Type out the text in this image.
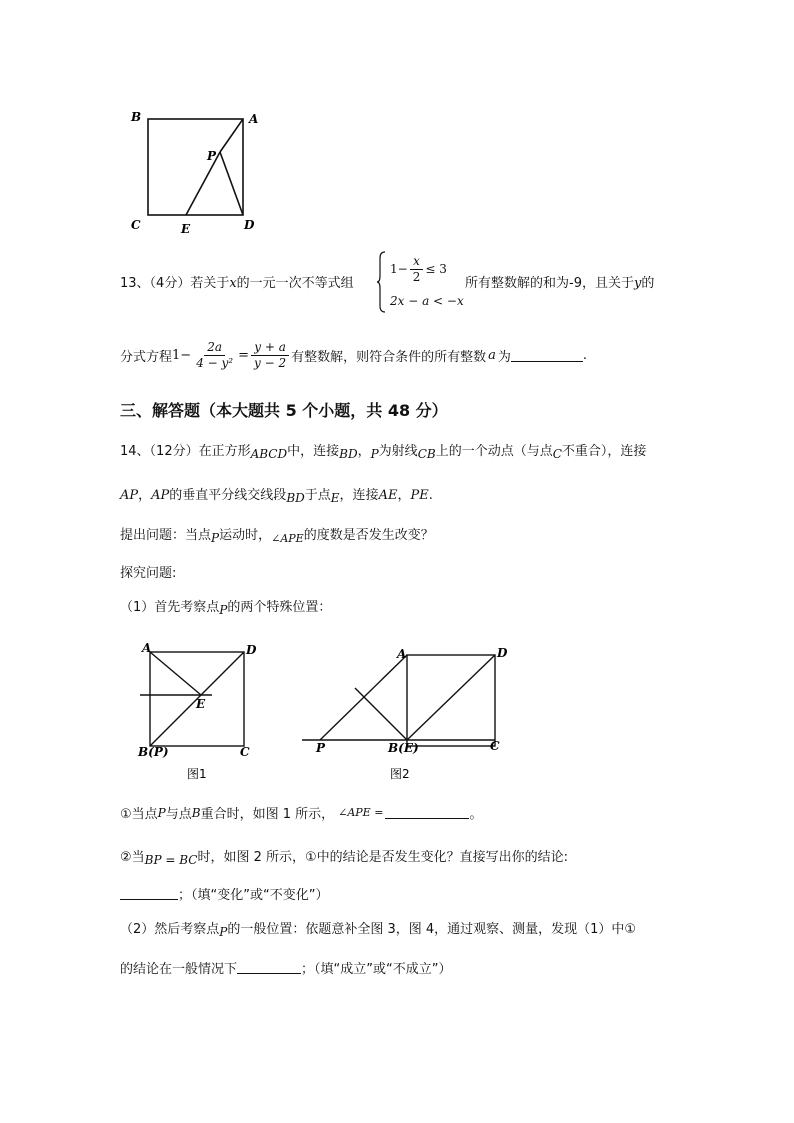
B	A
P
C	E	D
13、（4分）若关于x的一元一次不等式组
$1- \frac{x}{2} \le 3$
2x − a < −x
所有整数解的和为-9，且关于y的
分式方程 $1- \frac{2a}{\text{4 − y²}} = \frac{y + a}{y - 2}$ 有整数解，则符合条件的所有整数 a 为	.
三、解答题（本大题共 5 个小题，共 48 分）
14、（12分）在正方形ABCD中，连接BD，P为射线CB上的一个动点（与点C不重合），连接
AP，AP的垂直平分线交线段BD于点E，连接AE，PE.
提出问题：当点P运动时，$_{\angle APE}$的度数是否发生改变？
探究问题:
（1）首先考察点P的两个特殊位置：
A	D
E
B(P)	C
图1
A	D
P	B(E)	C
图2
①当点 P 与点 B 重合时，如图 1 所示， ∠APE =	。
②当BP = BC时，如图 2 所示，①中的结论是否发生变化？直接写出你的结论:
；（填“变化”或“不变化”）
（2）然后考察点P的一般位置：依题意补全图 3，图 4，通过观察、测量，发现（1）中①
的结论在一般情况下	；（填“成立”或“不成立”）
